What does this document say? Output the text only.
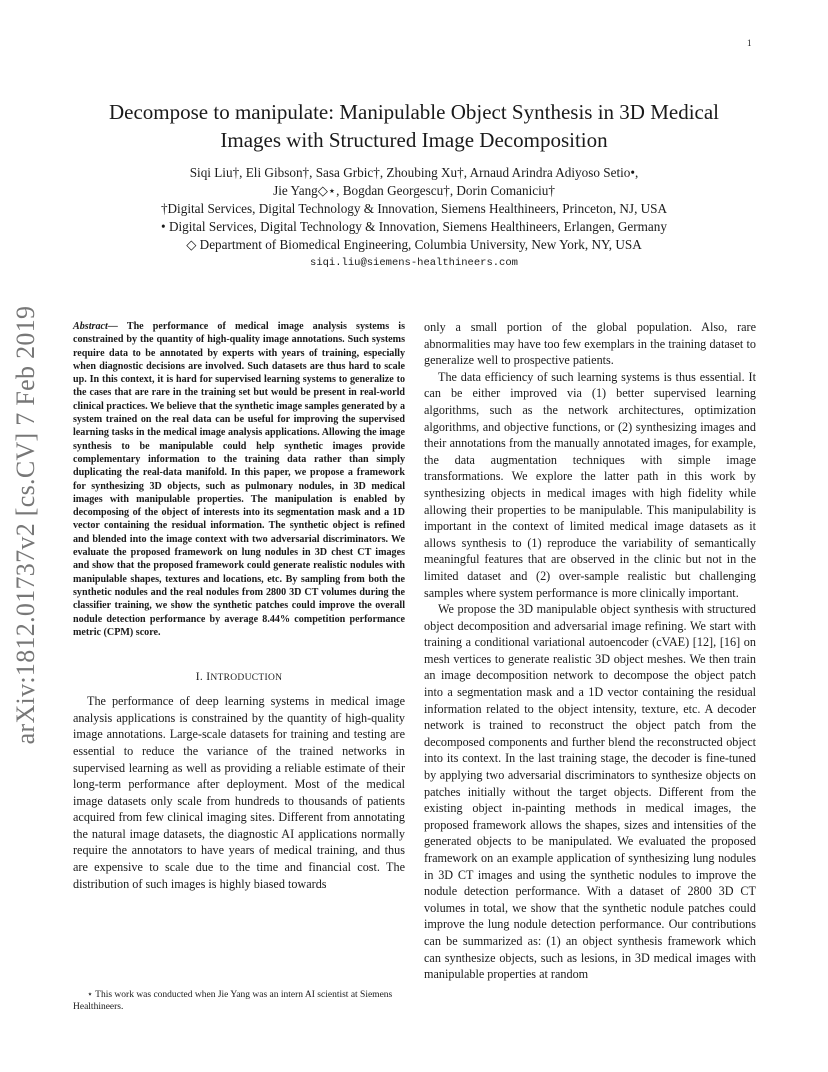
1
arXiv:1812.01737v2 [cs.CV] 7 Feb 2019
Decompose to manipulate: Manipulable Object Synthesis in 3D Medical
Images with Structured Image Decomposition
Siqi Liu†, Eli Gibson†, Sasa Grbic†, Zhoubing Xu†, Arnaud Arindra Adiyoso Setio•,
Jie Yang◇⋆, Bogdan Georgescu†, Dorin Comaniciu†
†Digital Services, Digital Technology & Innovation, Siemens Healthineers, Princeton, NJ, USA
• Digital Services, Digital Technology & Innovation, Siemens Healthineers, Erlangen, Germany
◇ Department of Biomedical Engineering, Columbia University, New York, NY, USA
siqi.liu@siemens-healthineers.com

Abstract— The performance of medical image analysis systems is constrained by the quantity of high-quality image annotations. Such systems require data to be annotated by experts with years of training, especially when diagnostic decisions are involved. Such datasets are thus hard to scale up. In this context, it is hard for supervised learning systems to generalize to the cases that are rare in the training set but would be present in real-world clinical practices. We believe that the synthetic image samples generated by a system trained on the real data can be useful for improving the supervised learning tasks in the medical image analysis applications. Allowing the image synthesis to be manipulable could help synthetic images provide complementary information to the training data rather than simply duplicating the real-data manifold. In this paper, we propose a framework for synthesizing 3D objects, such as pulmonary nodules, in 3D medical images with manipulable properties. The manipulation is enabled by decomposing of the object of interests into its segmentation mask and a 1D vector containing the residual information. The synthetic object is refined and blended into the image context with two adversarial discriminators. We evaluate the proposed framework on lung nodules in 3D chest CT images and show that the proposed framework could generate realistic nodules with manipulable shapes, textures and locations, etc. By sampling from both the synthetic nodules and the real nodules from 2800 3D CT volumes during the classifier training, we show the synthetic patches could improve the overall nodule detection performance by average 8.44% competition performance metric (CPM) score.

I. INTRODUCTION

The performance of deep learning systems in medical image analysis applications is constrained by the quantity of high-quality image annotations. Large-scale datasets for training and testing are essential to reduce the variance of the trained networks in supervised learning as well as providing a reliable estimate of their long-term performance after deployment. Most of the medical image datasets only scale from hundreds to thousands of patients acquired from few clinical imaging sites. Different from annotating the natural image datasets, the diagnostic AI applications normally require the annotators to have years of medical training, and thus are expensive to scale due to the time and financial cost. The distribution of such images is highly biased towards

⋆ This work was conducted when Jie Yang was an intern AI scientist at Siemens Healthineers.

only a small portion of the global population. Also, rare abnormalities may have too few exemplars in the training dataset to generalize well to prospective patients.

The data efficiency of such learning systems is thus essential. It can be either improved via (1) better supervised learning algorithms, such as the network architectures, optimization algorithms, and objective functions, or (2) synthesizing images and their annotations from the manually annotated images, for example, the data augmentation techniques with simple image transformations. We explore the latter path in this work by synthesizing objects in medical images with high fidelity while allowing their properties to be manipulable. This manipulability is important in the context of limited medical image datasets as it allows synthesis to (1) reproduce the variability of semantically meaningful features that are observed in the clinic but not in the limited dataset and (2) over-sample realistic but challenging samples where system performance is more clinically important.

We propose the 3D manipulable object synthesis with structured object decomposition and adversarial image refining. We start with training a conditional variational autoencoder (cVAE) [12], [16] on mesh vertices to generate realistic 3D object meshes. We then train an image decomposition network to decompose the object patch into a segmentation mask and a 1D vector containing the residual information related to the object intensity, texture, etc. A decoder network is trained to reconstruct the object patch from the decomposed components and further blend the reconstructed object into its context. In the last training stage, the decoder is fine-tuned by applying two adversarial discriminators to synthesize objects on patches initially without the target objects. Different from the existing object in-painting methods in medical images, the proposed framework allows the shapes, sizes and intensities of the generated objects to be manipulated. We evaluated the proposed framework on an example application of synthesizing lung nodules in 3D CT images and using the synthetic nodules to improve the nodule detection performance. With a dataset of 2800 3D CT volumes in total, we show that the synthetic nodule patches could improve the lung nodule detection performance. Our contributions can be summarized as: (1) an object synthesis framework which can synthesize objects, such as lesions, in 3D medical images with manipulable properties at random
